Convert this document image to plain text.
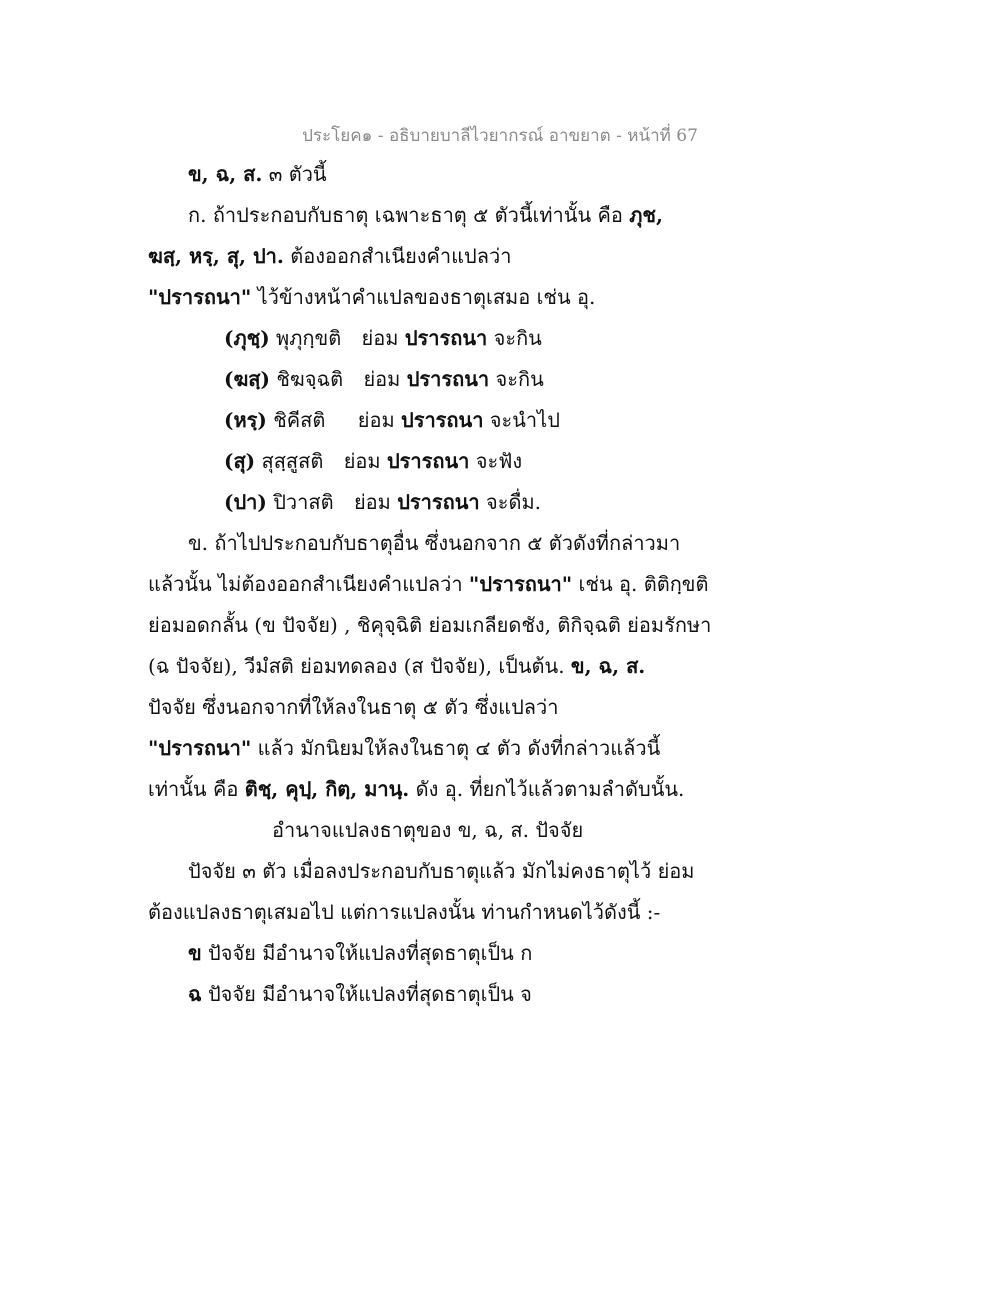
ประโยค๑ - อธิบายบาลีไวยากรณ์ อาขยาต - หน้าที่ 67
ข, ฉ, ส. ๓ ตัวนี้
ก. ถ้าประกอบกับธาตุ เฉพาะธาตุ ๕ ตัวนี้เท่านั้น คือ ภุช,
ฆสฺ, หรฺ, สุ, ปา. ต้องออกสำเนียงคำแปลว่า
"ปรารถนา" ไว้ข้างหน้าคำแปลของธาตุเสมอ เช่น อุ.
(ภุชฺ) พุภุกฺขติ ย่อม ปรารถนา จะกิน
(ฆสฺ) ชิฆจฺฉติ ย่อม ปรารถนา จะกิน
(หรฺ) ชิคีสติ ย่อม ปรารถนา จะนำไป
(สุ) สุสฺสูสติ ย่อม ปรารถนา จะฟัง
(ปา) ปิวาสติ ย่อม ปรารถนา จะดื่ม.
ข. ถ้าไปประกอบกับธาตุอื่น ซึ่งนอกจาก ๕ ตัวดังที่กล่าวมา
แล้วนั้น ไม่ต้องออกสำเนียงคำแปลว่า "ปรารถนา" เช่น อุ. ติติกฺขติ
ย่อมอดกลั้น (ข ปัจจัย) , ชิคุจฺฉิติ ย่อมเกลียดชัง, ติกิจฺฉติ ย่อมรักษา
(ฉ ปัจจัย), วีมํสติ ย่อมทดลอง (ส ปัจจัย), เป็นต้น. ข, ฉ, ส.
ปัจจัย ซึ่งนอกจากที่ให้ลงในธาตุ ๕ ตัว ซึ่งแปลว่า
"ปรารถนา" แล้ว มักนิยมให้ลงในธาตุ ๔ ตัว ดังที่กล่าวแล้วนี้
เท่านั้น คือ ติชฺ, คุปฺ, กิตฺ, มานฺ. ดัง อุ. ที่ยกไว้แล้วตามลำดับนั้น.
อำนาจแปลงธาตุของ ข, ฉ, ส. ปัจจัย
ปัจจัย ๓ ตัว เมื่อลงประกอบกับธาตุแล้ว มักไม่คงธาตุไว้ ย่อม
ต้องแปลงธาตุเสมอไป แต่การแปลงนั้น ท่านกำหนดไว้ดังนี้ :-
ข ปัจจัย มีอำนาจให้แปลงที่สุดธาตุเป็น ก
ฉ ปัจจัย มีอำนาจให้แปลงที่สุดธาตุเป็น จ
